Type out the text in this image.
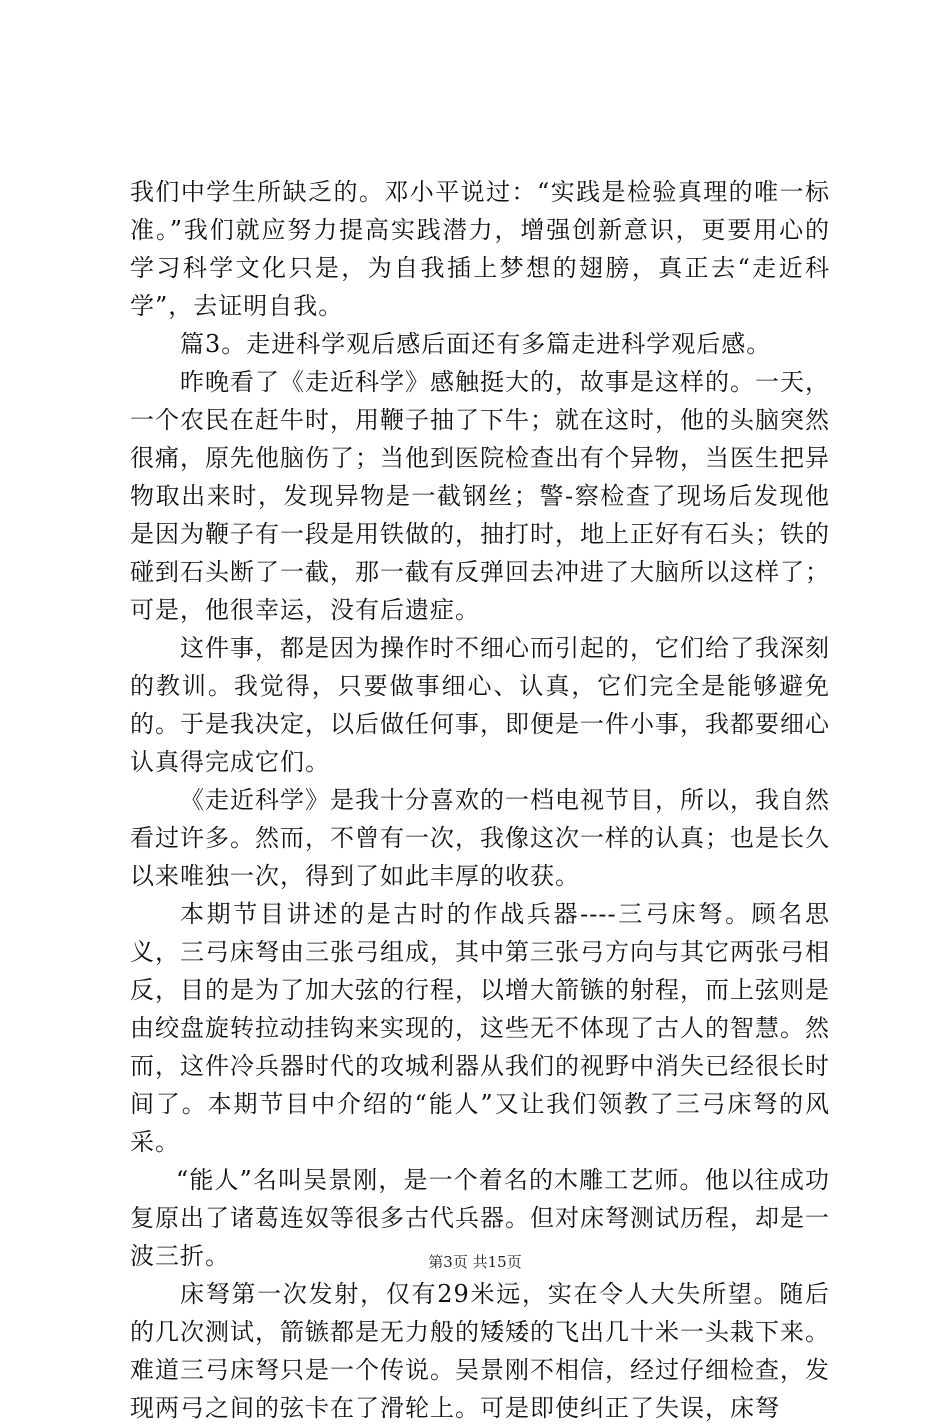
我们中学生所缺乏的。邓小平说过：“实践是检验真理的唯一标准。”我们就应努力提高实践潜力，增强创新意识，更要用心的学习科学文化只是，为自我插上梦想的翅膀，真正去“走近科学”，去证明自我。

篇3。走进科学观后感后面还有多篇走进科学观后感。

昨晚看了《走近科学》感触挺大的，故事是这样的。一天，一个农民在赶牛时，用鞭子抽了下牛；就在这时，他的头脑突然很痛，原先他脑伤了；当他到医院检查出有个异物，当医生把异物取出来时，发现异物是一截钢丝；警-察检查了现场后发现他是因为鞭子有一段是用铁做的，抽打时，地上正好有石头；铁的碰到石头断了一截，那一截有反弹回去冲进了大脑所以这样了；可是，他很幸运，没有后遗症。

这件事，都是因为操作时不细心而引起的，它们给了我深刻的教训。我觉得，只要做事细心、认真，它们完全是能够避免的。于是我决定，以后做任何事，即便是一件小事，我都要细心认真得完成它们。

《走近科学》是我十分喜欢的一档电视节目，所以，我自然看过许多。然而，不曾有一次，我像这次一样的认真；也是长久以来唯独一次，得到了如此丰厚的收获。

本期节目讲述的是古时的作战兵器----三弓床弩。顾名思义，三弓床弩由三张弓组成，其中第三张弓方向与其它两张弓相反，目的是为了加大弦的行程，以增大箭镞的射程，而上弦则是由绞盘旋转拉动挂钩来实现的，这些无不体现了古人的智慧。然而，这件冷兵器时代的攻城利器从我们的视野中消失已经很长时间了。本期节目中介绍的“能人”又让我们领教了三弓床弩的风采。

“能人”名叫吴景刚，是一个着名的木雕工艺师。他以往成功复原出了诸葛连奴等很多古代兵器。但对床弩测试历程，却是一波三折。

床弩第一次发射，仅有29米远，实在令人大失所望。随后的几次测试，箭镞都是无力般的矮矮的飞出几十米一头栽下来。难道三弓床弩只是一个传说。吴景刚不相信，经过仔细检查，发现两弓之间的弦卡在了滑轮上。可是即使纠正了失误，床弩

第3页 共15页
